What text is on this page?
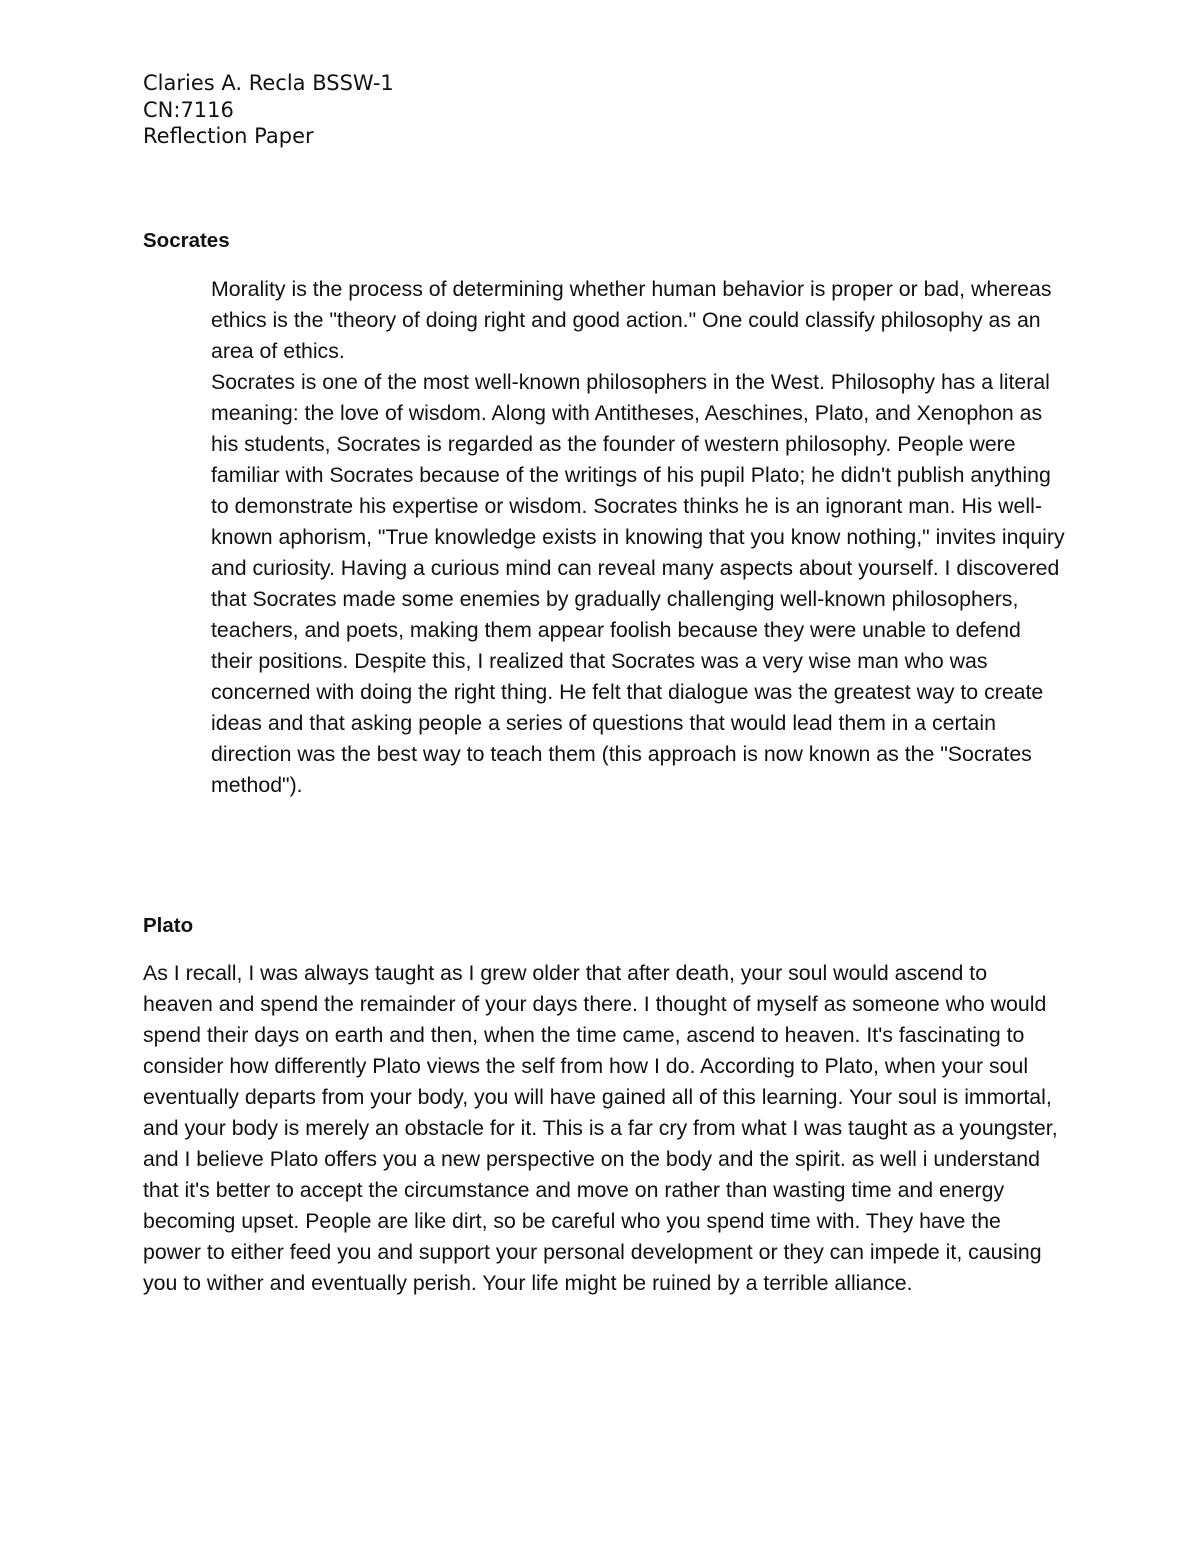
Claries A. Recla BSSW-1
CN:7116
Reflection Paper
Socrates

Morality is the process of determining whether human behavior is proper or bad, whereas ethics is the "theory of doing right and good action." One could classify philosophy as an area of ethics.

Socrates is one of the most well-known philosophers in the West. Philosophy has a literal meaning: the love of wisdom. Along with Antitheses, Aeschines, Plato, and Xenophon as his students, Socrates is regarded as the founder of western philosophy. People were familiar with Socrates because of the writings of his pupil Plato; he didn't publish anything to demonstrate his expertise or wisdom. Socrates thinks he is an ignorant man. His well-known aphorism, "True knowledge exists in knowing that you know nothing," invites inquiry and curiosity. Having a curious mind can reveal many aspects about yourself. I discovered that Socrates made some enemies by gradually challenging well-known philosophers, teachers, and poets, making them appear foolish because they were unable to defend their positions. Despite this, I realized that Socrates was a very wise man who was concerned with doing the right thing. He felt that dialogue was the greatest way to create ideas and that asking people a series of questions that would lead them in a certain direction was the best way to teach them (this approach is now known as the "Socrates method").

Plato

As I recall, I was always taught as I grew older that after death, your soul would ascend to heaven and spend the remainder of your days there. I thought of myself as someone who would spend their days on earth and then, when the time came, ascend to heaven. It's fascinating to consider how differently Plato views the self from how I do. According to Plato, when your soul eventually departs from your body, you will have gained all of this learning. Your soul is immortal, and your body is merely an obstacle for it. This is a far cry from what I was taught as a youngster, and I believe Plato offers you a new perspective on the body and the spirit. as well i understand that it's better to accept the circumstance and move on rather than wasting time and energy becoming upset. People are like dirt, so be careful who you spend time with. They have the power to either feed you and support your personal development or they can impede it, causing you to wither and eventually perish. Your life might be ruined by a terrible alliance.
